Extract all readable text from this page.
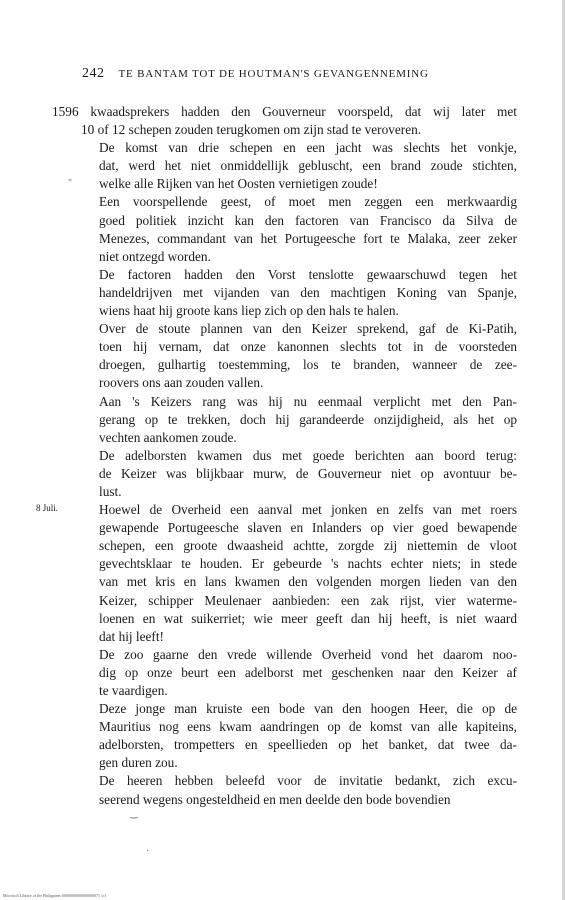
242 TE BANTAM TOT DE HOUTMAN'S GEVANGENNEMING
8 Juli.

1596 kwaadsprekers hadden den Gouverneur voorspeld, dat wij later met
10 of 12 schepen zouden terugkomen om zijn stad te veroveren.

De komst van drie schepen en een jacht was slechts het vonkje,
dat, werd het niet onmiddellijk gebluscht, een brand zoude stichten,
welke alle Rijken van het Oosten vernietigen zoude!

Een voorspellende geest, of moet men zeggen een merkwaardig
goed politiek inzicht kan den factoren van Francisco da Silva de
Menezes, commandant van het Portugeesche fort te Malaka, zeer zeker
niet ontzegd worden.

De factoren hadden den Vorst tenslotte gewaarschuwd tegen het
handeldrijven met vijanden van den machtigen Koning van Spanje,
wiens haat hij groote kans liep zich op den hals te halen.

Over de stoute plannen van den Keizer sprekend, gaf de Ki-Patih,
toen hij vernam, dat onze kanonnen slechts tot in de voorsteden
droegen, gulhartig toestemming, los te branden, wanneer de zee-
roovers ons aan zouden vallen.

Aan 's Keizers rang was hij nu eenmaal verplicht met den Pan-
gerang op te trekken, doch hij garandeerde onzijdigheid, als het op
vechten aankomen zoude.

De adelborsten kwamen dus met goede berichten aan boord terug:
de Keizer was blijkbaar murw, de Gouverneur niet op avontuur be-
lust.

Hoewel de Overheid een aanval met jonken en zelfs van met roers
gewapende Portugeesche slaven en Inlanders op vier goed bewapende
schepen, een groote dwaasheid achtte, zorgde zij niettemin de vloot
gevechtsklaar te houden. Er gebeurde 's nachts echter niets; in stede
van met kris en lans kwamen den volgenden morgen lieden van den
Keizer, schipper Meulenaer aanbieden: een zak rijst, vier waterme-
loenen en wat suikerriet; wie meer geeft dan hij heeft, is niet waard
dat hij leeft!

De zoo gaarne den vrede willende Overheid vond het daarom noo-
dig op onze beurt een adelborst met geschenken naar den Keizer af
te vaardigen.

Deze jonge man kruiste een bode van den hoogen Heer, die op de
Mauritius nog eens kwam aandringen op de komst van alle kapiteins,
adelborsten, trompetters en speellieden op het banket, dat twee da-
gen duren zou.

De heeren hebben beleefd voor de invitatie bedankt, zich excu-
seerend wegens ongesteldheid en men deelde den bode bovendien

"
‿
·
Microsoft Library of the Philippines 0000000000000000071 1c1
